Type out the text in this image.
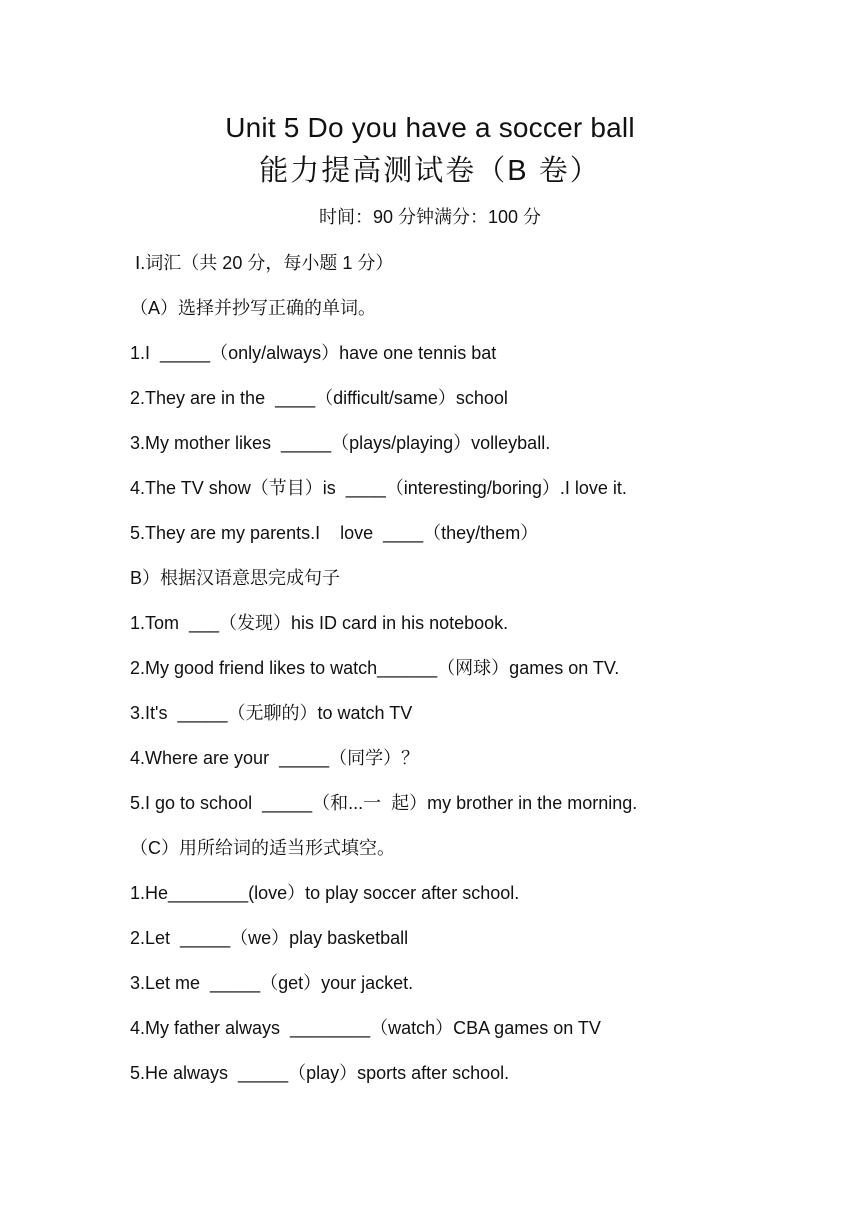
Unit 5 Do you have a soccer ball
能力提高测试卷（B 卷）
时间：90 分钟满分：100 分
Ⅰ.词汇（共 20 分，每小题 1 分）
（A）选择并抄写正确的单词。
1.I  _____（only/always）have one tennis bat
2.They are in the  ____（difficult/same）school
3.My mother likes  _____（plays/playing）volleyball.
4.The TV show（节目）is  ____（interesting/boring）.I love it.
5.They are my parents.I    love  ____（they/them）
B）根据汉语意思完成句子
1.Tom  ___（发现）his ID card in his notebook.
2.My good friend likes to watch______（网球）games on TV.
3.It's  _____（无聊的）to watch TV
4.Where are your  _____（同学）？
5.I go to school  _____（和...一  起）my brother in the morning.
（C）用所给词的适当形式填空。
1.He________(love）to play soccer after school.
2.Let  _____（we）play basketball
3.Let me  _____（get）your jacket.
4.My father always  ________（watch）CBA games on TV
5.He always  _____（play）sports after school.
